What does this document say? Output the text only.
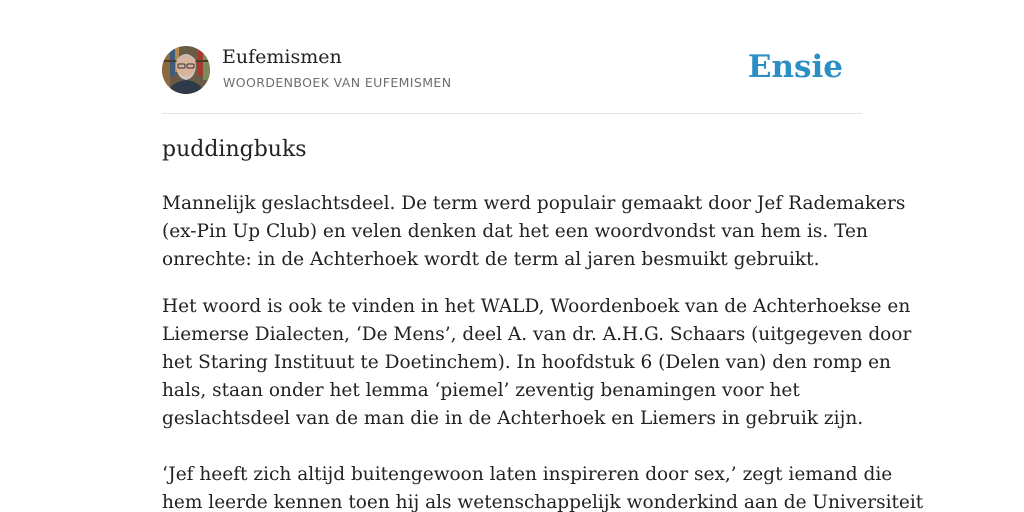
Eufemismen
WOORDENBOEK VAN EUFEMISMEN	Ensie
puddingbuks

Mannelijk geslachtsdeel. De term werd populair gemaakt door Jef Rademakers
(ex-Pin Up Club) en velen denken dat het een woordvondst van hem is. Ten
onrechte: in de Achterhoek wordt de term al jaren besmuikt gebruikt.

Het woord is ook te vinden in het WALD, Woordenboek van de Achterhoekse en
Liemerse Dialecten, ‘De Mens’, deel A. van dr. A.H.G. Schaars (uitgegeven door
het Staring Instituut te Doetinchem). In hoofdstuk 6 (Delen van) den romp en
hals, staan onder het lemma ‘piemel’ zeventig benamingen voor het
geslachtsdeel van de man die in de Achterhoek en Liemers in gebruik zijn.

‘Jef heeft zich altijd buitengewoon laten inspireren door sex,’ zegt iemand die
hem leerde kennen toen hij als wetenschappelijk wonderkind aan de Universiteit
